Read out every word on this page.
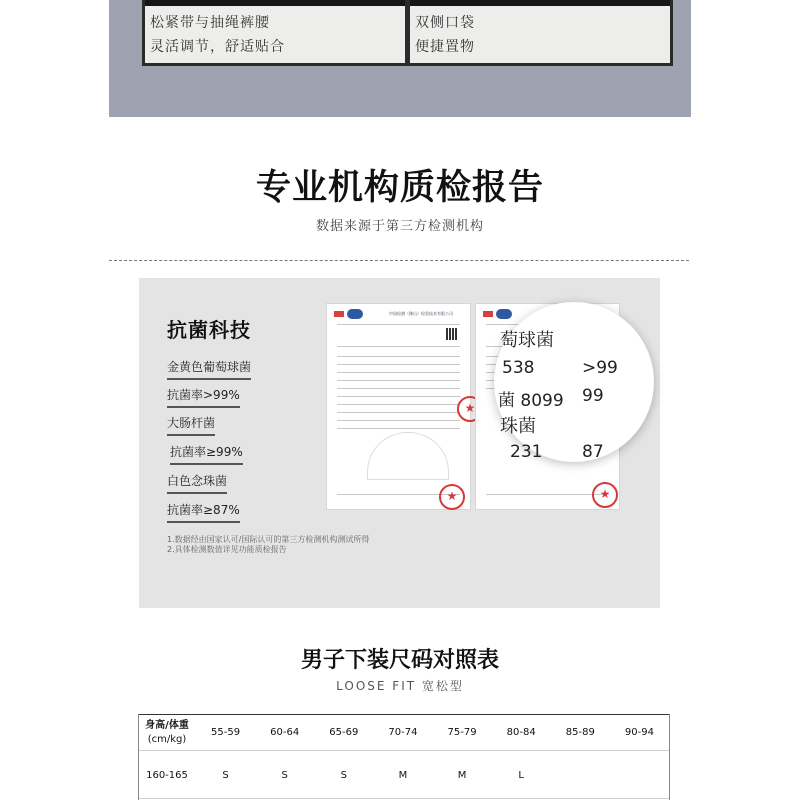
松紧带与抽绳裤腰
灵活调节，舒适贴合
双侧口袋
便捷置物
专业机构质检报告
数据来源于第三方检测机构
抗菌科技
金黄色葡萄球菌
抗菌率>99%
大肠杆菌
抗菌率≥99%
白色念珠菌
抗菌率≥87%
1.数据经由国家认可/国际认可的第三方检测机构测试所得
2.具体检测数值详见功能质检报告
中国检测（佛山）检验技术有限公司
★
★	★
萄球菌
538	>99
菌 8099 99
珠菌
231 87
男子下装尺码对照表
LOOSE FIT 宽松型
身高/体重
(cm/kg)	55-59	60-64	65-69	70-74	75-79	80-84	85-89	90-94
160-165	S	S	S	M	M	L		
